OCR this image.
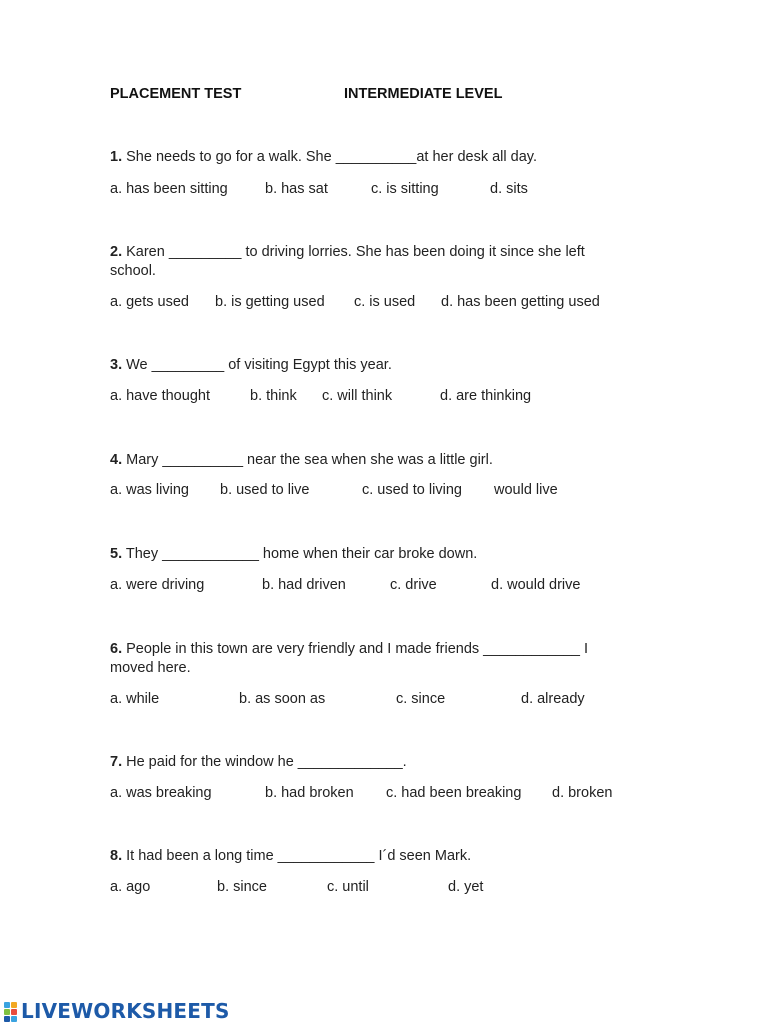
PLACEMENT TEST	INTERMEDIATE LEVEL
1. She needs to go for a walk. She __________at her desk all day.
a. has been sitting	b. has sat	c. is sitting	d. sits
2. Karen _________ to driving lorries. She has been doing it since she left school.
a. gets used b. is getting used c. is used d. has been getting used
3. We _________ of visiting Egypt this year.
a. have thought	b. think c. will think	d. are thinking
4. Mary __________ near the sea when she was a little girl.
a. was living b. used to live	c. used to living would live
5. They ____________ home when their car broke down.
a. were driving	b. had driven	c. drive	d. would drive
6. People in this town are very friendly and I made friends ____________ I moved here.
a. while	b. as soon as	c. since	d. already
7. He paid for the window he _____________.
a. was breaking	b. had broken c. had been breaking d. broken
8. It had been a long time ____________ I´d seen Mark.
a. ago	b. since	c. until	d. yet
LIVEWORKSHEETS
